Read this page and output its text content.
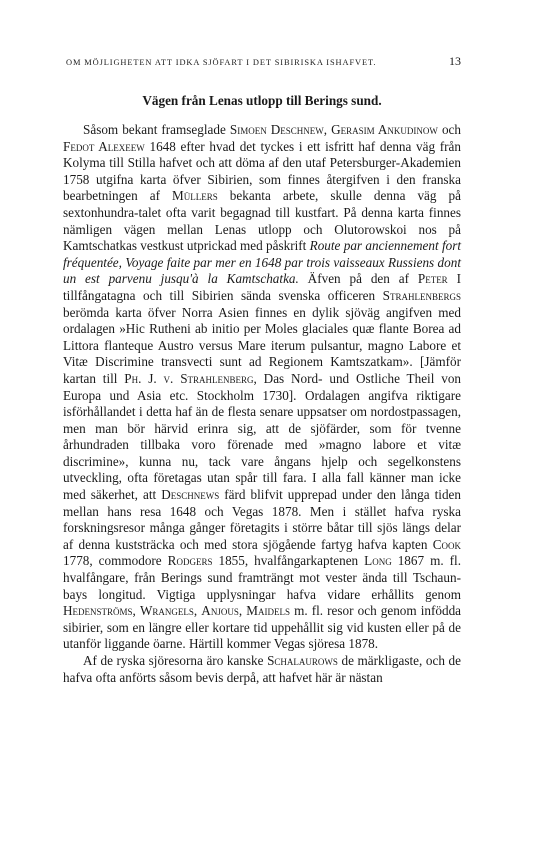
OM MÖJLIGHETEN ATT IDKA SJÖFART I DET SIBIRISKA ISHAFVET.	13
Vägen från Lenas utlopp till Berings sund.

Såsom bekant framseglade Simoen Deschnew, Gerasim Ankudinow och Fedot Alexeew 1648 efter hvad det tyckes i ett isfritt haf denna väg från Kolyma till Stilla hafvet och att döma af den utaf Petersburger-Akademien 1758 utgifna karta öfver Sibirien, som finnes återgifven i den franska bearbetningen af Müllers bekanta arbete, skulle denna väg på sextonhundra-talet ofta varit begagnad till kustfart. På denna karta finnes nämligen vägen mellan Lenas utlopp och Olutorowskoi nos på Kamtschatkas vestkust utprickad med påskrift Route par anciennement fort fréquentée, Voyage faite par mer en 1648 par trois vaisseaux Russiens dont un est parvenu jusqu'à la Kamtschatka. Äfven på den af Peter I tillfångatagna och till Sibirien sända svenska officeren Strahlenbergs berömda karta öfver Norra Asien finnes en dylik sjöväg angifven med ordalagen »Hic Rutheni ab initio per Moles glaciales quæ flante Borea ad Littora flanteque Austro versus Mare iterum pulsantur, magno Labore et Vitæ Discrimine transvecti sunt ad Regionem Kamtszatkam». [Jämför kartan till Ph. J. v. Strahlenberg, Das Nord- und Ostliche Theil von Europa und Asia etc. Stockholm 1730]. Ordalagen angifva riktigare isförhållandet i detta haf än de flesta senare uppsatser om nordostpassagen, men man bör härvid erinra sig, att de sjöfärder, som för tvenne århundraden tillbaka voro förenade med »magno labore et vitæ discrimine», kunna nu, tack vare ångans hjelp och segelkonstens utveckling, ofta företagas utan spår till fara. I alla fall känner man icke med säkerhet, att Deschnews färd blifvit upprepad under den långa tiden mellan hans resa 1648 och Vegas 1878. Men i stället hafva ryska forskningsresor många gånger företagits i större båtar till sjös längs delar af denna kuststräcka och med stora sjögående fartyg hafva kapten Cook 1778, commodore Rodgers 1855, hvalfångarkaptenen Long 1867 m. fl. hvalfångare, från Berings sund framträngt mot vester ända till Tschaun-bays longitud. Vigtiga upplysningar hafva vidare erhållits genom Hedenströms, Wrangels, Anjous, Maidels m. fl. resor och genom infödda sibirier, som en längre eller kortare tid uppehållit sig vid kusten eller på de utanför liggande öarne. Härtill kommer Vegas sjöresa 1878.

Af de ryska sjöresorna äro kanske Schalaurows de märkligaste, och de hafva ofta anförts såsom bevis derpå, att hafvet här är nästan
